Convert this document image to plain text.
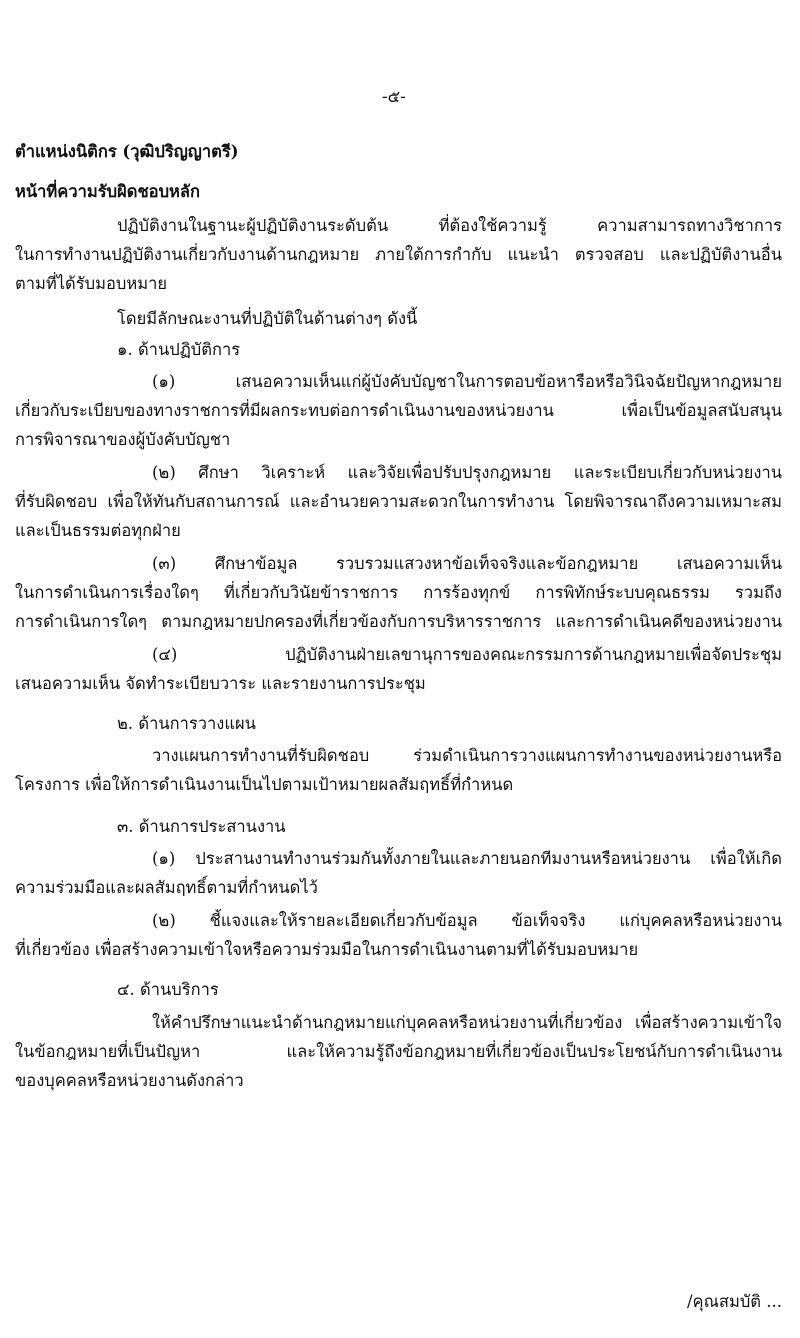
-๕-
ตำแหน่งนิติกร (วุฒิปริญญาตรี)
หน้าที่ความรับผิดชอบหลัก
ปฏิบัติงานในฐานะผู้ปฏิบัติงานระดับต้น ที่ต้องใช้ความรู้ ความสามารถทางวิชาการ
ในการทำงานปฏิบัติงานเกี่ยวกับงานด้านกฎหมาย ภายใต้การกำกับ แนะนำ ตรวจสอบ และปฏิบัติงานอื่น
ตามที่ได้รับมอบหมาย
โดยมีลักษณะงานที่ปฏิบัติในด้านต่างๆ ดังนี้
๑. ด้านปฏิบัติการ
(๑) เสนอความเห็นแก่ผู้บังคับบัญชาในการตอบข้อหารือหรือวินิจฉัยปัญหากฎหมาย
เกี่ยวกับระเบียบของทางราชการที่มีผลกระทบต่อการดำเนินงานของหน่วยงาน เพื่อเป็นข้อมูลสนับสนุน
การพิจารณาของผู้บังคับบัญชา
(๒) ศึกษา วิเคราะห์ และวิจัยเพื่อปรับปรุงกฎหมาย และระเบียบเกี่ยวกับหน่วยงาน
ที่รับผิดชอบ เพื่อให้ทันกับสถานการณ์ และอำนวยความสะดวกในการทำงาน โดยพิจารณาถึงความเหมาะสม
และเป็นธรรมต่อทุกฝ่าย
(๓) ศึกษาข้อมูล รวบรวมแสวงหาข้อเท็จจริงและข้อกฎหมาย เสนอความเห็น
ในการดำเนินการเรื่องใดๆ ที่เกี่ยวกับวินัยข้าราชการ การร้องทุกข์ การพิทักษ์ระบบคุณธรรม รวมถึง
การดำเนินการใดๆ ตามกฎหมายปกครองที่เกี่ยวข้องกับการบริหารราชการ และการดำเนินคดีของหน่วยงาน
(๔) ปฏิบัติงานฝ่ายเลขานุการของคณะกรรมการด้านกฎหมายเพื่อจัดประชุม
เสนอความเห็น จัดทำระเบียบวาระ และรายงานการประชุม
๒. ด้านการวางแผน
วางแผนการทำงานที่รับผิดชอบ ร่วมดำเนินการวางแผนการทำงานของหน่วยงานหรือ
โครงการ เพื่อให้การดำเนินงานเป็นไปตามเป้าหมายผลสัมฤทธิ์ที่กำหนด
๓. ด้านการประสานงาน
(๑) ประสานงานทำงานร่วมกันทั้งภายในและภายนอกทีมงานหรือหน่วยงาน เพื่อให้เกิด
ความร่วมมือและผลสัมฤทธิ์ตามที่กำหนดไว้
(๒) ชี้แจงและให้รายละเอียดเกี่ยวกับข้อมูล ข้อเท็จจริง แก่บุคคลหรือหน่วยงาน
ที่เกี่ยวข้อง เพื่อสร้างความเข้าใจหรือความร่วมมือในการดำเนินงานตามที่ได้รับมอบหมาย
๔. ด้านบริการ
ให้คำปรึกษาแนะนำด้านกฎหมายแก่บุคคลหรือหน่วยงานที่เกี่ยวข้อง เพื่อสร้างความเข้าใจ
ในข้อกฎหมายที่เป็นปัญหา และให้ความรู้ถึงข้อกฎหมายที่เกี่ยวข้องเป็นประโยชน์กับการดำเนินงาน
ของบุคคลหรือหน่วยงานดังกล่าว
/คุณสมบัติ ...
